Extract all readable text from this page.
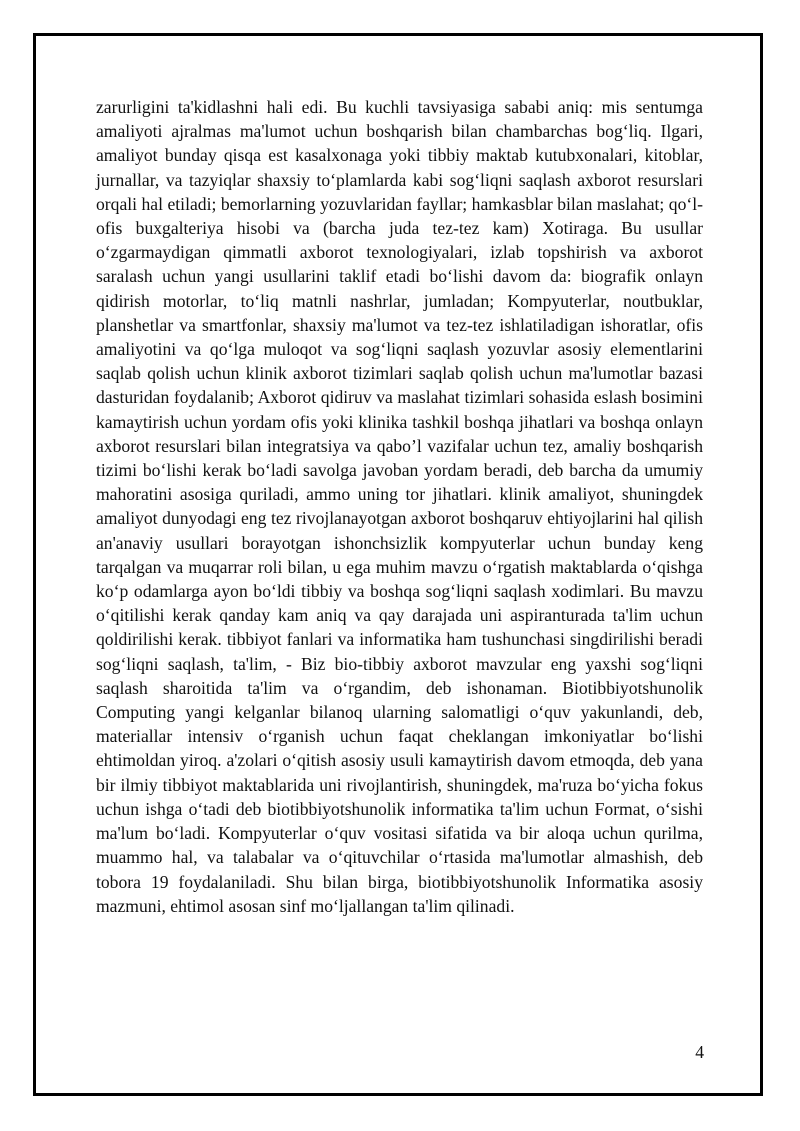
zarurligini ta'kidlashni hali edi. Bu kuchli tavsiyasiga sababi aniq: mis sentumga amaliyoti ajralmas ma'lumot uchun boshqarish bilan chambarchas bog‘liq. Ilgari, amaliyot bunday qisqa est kasalxonaga yoki tibbiy maktab kutubxonalari, kitoblar, jurnallar, va tazyiqlar shaxsiy to‘plamlarda kabi sog‘liqni saqlash axborot resurslari orqali hal etiladi; bemorlarning yozuvlaridan fayllar; hamkasblar bilan maslahat; qo‘l-ofis buxgalteriya hisobi va (barcha juda tez-tez kam) Xotiraga. Bu usullar o‘zgarmaydigan qimmatli axborot texnologiyalari, izlab topshirish va axborot saralash uchun yangi usullarini taklif etadi bo‘lishi davom da: biografik onlayn qidirish motorlar, to‘liq matnli nashrlar, jumladan; Kompyuterlar, noutbuklar, planshetlar va smartfonlar, shaxsiy ma'lumot va tez-tez ishlatiladigan ishoratlar, ofis amaliyotini va qo‘lga muloqot va sog‘liqni saqlash yozuvlar asosiy elementlarini saqlab qolish uchun klinik axborot tizimlari saqlab qolish uchun ma'lumotlar bazasi dasturidan foydalanib; Axborot qidiruv va maslahat tizimlari sohasida eslash bosimini kamaytirish uchun yordam ofis yoki klinika tashkil boshqa jihatlari va boshqa onlayn axborot resurslari bilan integratsiya va qabo’l vazifalar uchun tez, amaliy boshqarish tizimi bo‘lishi kerak bo‘ladi savolga javoban yordam beradi, deb barcha da umumiy mahoratini asosiga quriladi, ammo uning tor jihatlari. klinik amaliyot, shuningdek amaliyot dunyodagi eng tez rivojlanayotgan axborot boshqaruv ehtiyojlarini hal qilish an'anaviy usullari borayotgan ishonchsizlik kompyuterlar uchun bunday keng tarqalgan va muqarrar roli bilan, u ega muhim mavzu o‘rgatish maktablarda o‘qishga ko‘p odamlarga ayon bo‘ldi tibbiy va boshqa sog‘liqni saqlash xodimlari. Bu mavzu o‘qitilishi kerak qanday kam aniq va qay darajada uni aspiranturada ta'lim uchun qoldirilishi kerak. tibbiyot fanlari va informatika ham tushunchasi singdirilishi beradi sog‘liqni saqlash, ta'lim, - Biz bio-tibbiy axborot mavzular eng yaxshi sog‘liqni saqlash sharoitida ta'lim va o‘rgandim, deb ishonaman. Biotibbiyotshunolik Computing yangi kelganlar bilanoq ularning salomatligi o‘quv yakunlandi, deb, materiallar intensiv o‘rganish uchun faqat cheklangan imkoniyatlar bo‘lishi ehtimoldan yiroq. a'zolari o‘qitish asosiy usuli kamaytirish davom etmoqda, deb yana bir ilmiy tibbiyot maktablarida uni rivojlantirish, shuningdek, ma'ruza bo‘yicha fokus uchun ishga o‘tadi deb biotibbiyotshunolik informatika ta'lim uchun Format, o‘sishi ma'lum bo‘ladi. Kompyuterlar o‘quv vositasi sifatida va bir aloqa uchun qurilma, muammo hal, va talabalar va o‘qituvchilar o‘rtasida ma'lumotlar almashish, deb tobora 19 foydalaniladi. Shu bilan birga, biotibbiyotshunolik Informatika asosiy mazmuni, ehtimol asosan sinf mo‘ljallangan ta'lim qilinadi.

4
